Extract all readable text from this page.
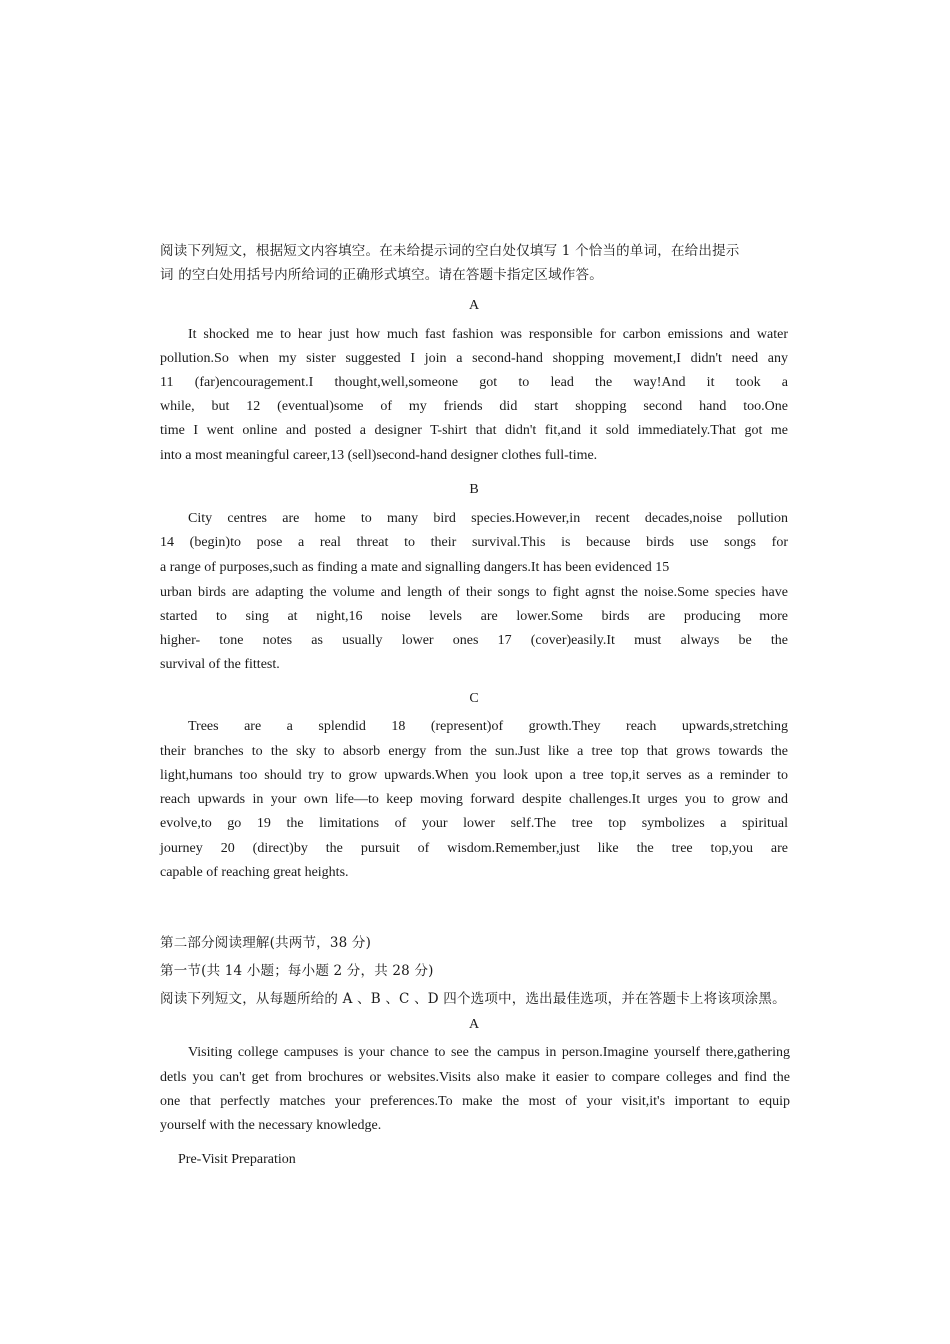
阅读下列短文，根据短文内容填空。在未给提示词的空白处仅填写 1 个恰当的单词，在给出提示
词 的空白处用括号内所给词的正确形式填空。请在答题卡指定区域作答。
A
It shocked me to hear just how much fast fashion was responsible for carbon emissions and water
pollution.So when my sister suggested I join a second-hand shopping movement,I didn't need any
11 (far)encouragement.I thought,well,someone got to lead the way!And it took a
while, but 12 (eventual)some of my friends did start shopping second hand too.One
time I went online and posted a designer T-shirt that didn't fit,and it sold immediately.That got me
into a most meaningful career,13 (sell)second-hand designer clothes full-time.
B
City centres are home to many bird species.However,in recent decades,noise pollution
14 (begin)to pose a real threat to their survival.This is because birds use songs for
a range of purposes,such as finding a mate and signalling dangers.It has been evidenced 15
urban birds are adapting the volume and length of their songs to fight agnst the noise.Some species have
started to sing at night,16 noise levels are lower.Some birds are producing more
higher- tone notes as usually lower ones 17 (cover)easily.It must always be the
survival of the fittest.
C
Trees are a splendid 18 (represent)of growth.They reach upwards,stretching
their branches to the sky to absorb energy from the sun.Just like a tree top that grows towards the
light,humans too should try to grow upwards.When you look upon a tree top,it serves as a reminder to
reach upwards in your own life—to keep moving forward despite challenges.It urges you to grow and
evolve,to go 19 the limitations of your lower self.The tree top symbolizes a spiritual
journey 20 (direct)by the pursuit of wisdom.Remember,just like the tree top,you are
capable of reaching great heights.
第二部分阅读理解(共两节，38 分)
第一节(共 14 小题；每小题 2 分，共 28 分)
阅读下列短文，从每题所给的 A 、B 、C 、D 四个选项中，选出最佳选项，并在答题卡上将该项涂黑。
A
Visiting college campuses is your chance to see the campus in person.Imagine yourself there,gathering
detls you can't get from brochures or websites.Visits also make it easier to compare colleges and find the
one that perfectly matches your preferences.To make the most of your visit,it's important to equip
yourself with the necessary knowledge.
Pre-Visit Preparation
